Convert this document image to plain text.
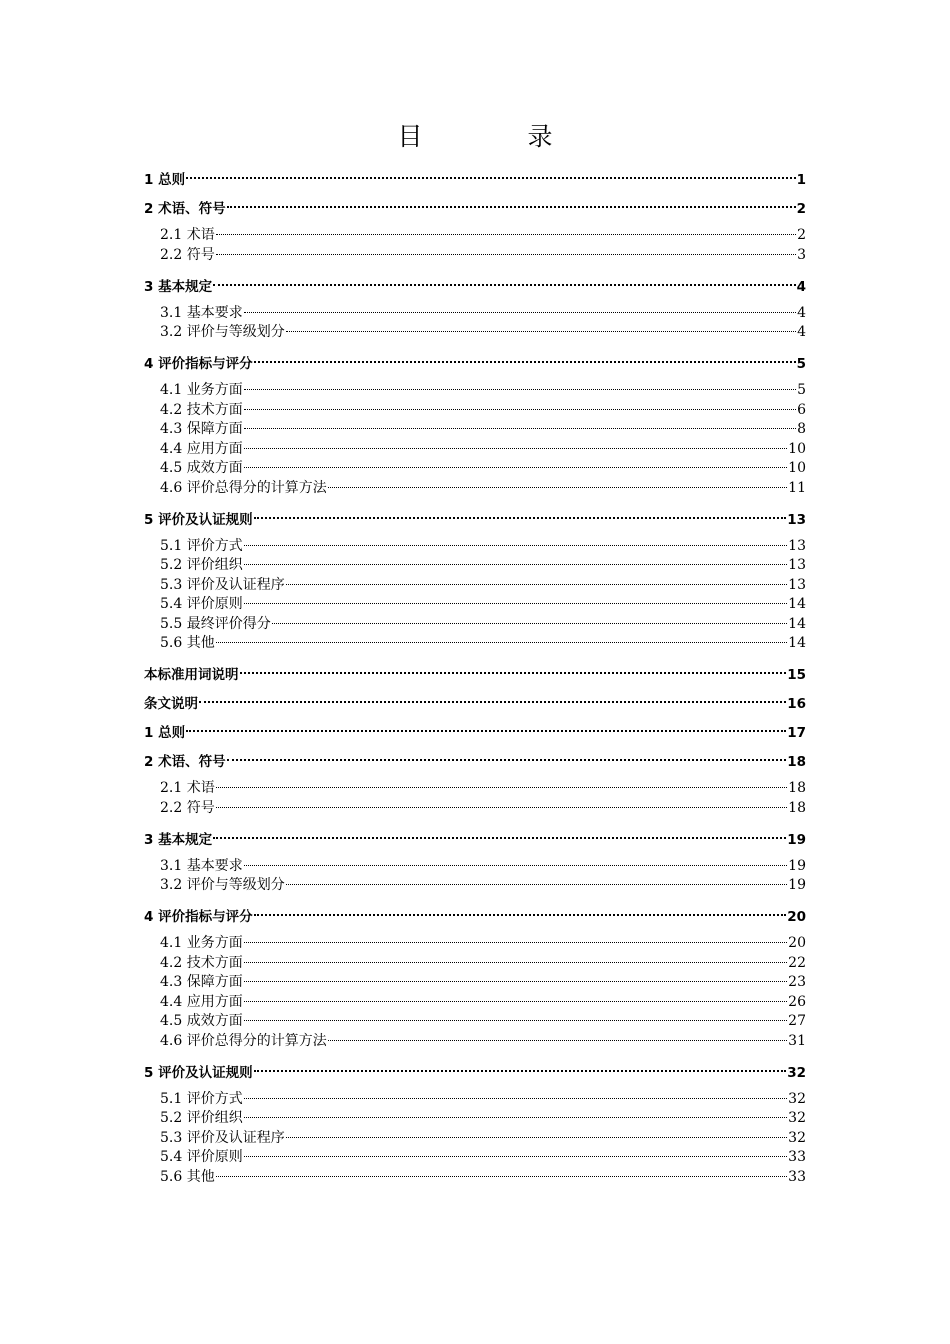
目　录
1 总则	1
2 术语、符号	2
2.1 术语	2
2.2 符号	3
3 基本规定	4
3.1 基本要求	4
3.2 评价与等级划分	4
4 评价指标与评分	5
4.1 业务方面	5
4.2 技术方面	6
4.3 保障方面	8
4.4 应用方面	10
4.5 成效方面	10
4.6 评价总得分的计算方法	11
5 评价及认证规则	13
5.1 评价方式	13
5.2 评价组织	13
5.3 评价及认证程序	13
5.4 评价原则	14
5.5 最终评价得分	14
5.6 其他	14
本标准用词说明	15
条文说明	16
1 总则	17
2 术语、符号	18
2.1 术语	18
2.2 符号	18
3 基本规定	19
3.1 基本要求	19
3.2 评价与等级划分	19
4 评价指标与评分	20
4.1 业务方面	20
4.2 技术方面	22
4.3 保障方面	23
4.4 应用方面	26
4.5 成效方面	27
4.6 评价总得分的计算方法	31
5 评价及认证规则	32
5.1 评价方式	32
5.2 评价组织	32
5.3 评价及认证程序	32
5.4 评价原则	33
5.6 其他	33
